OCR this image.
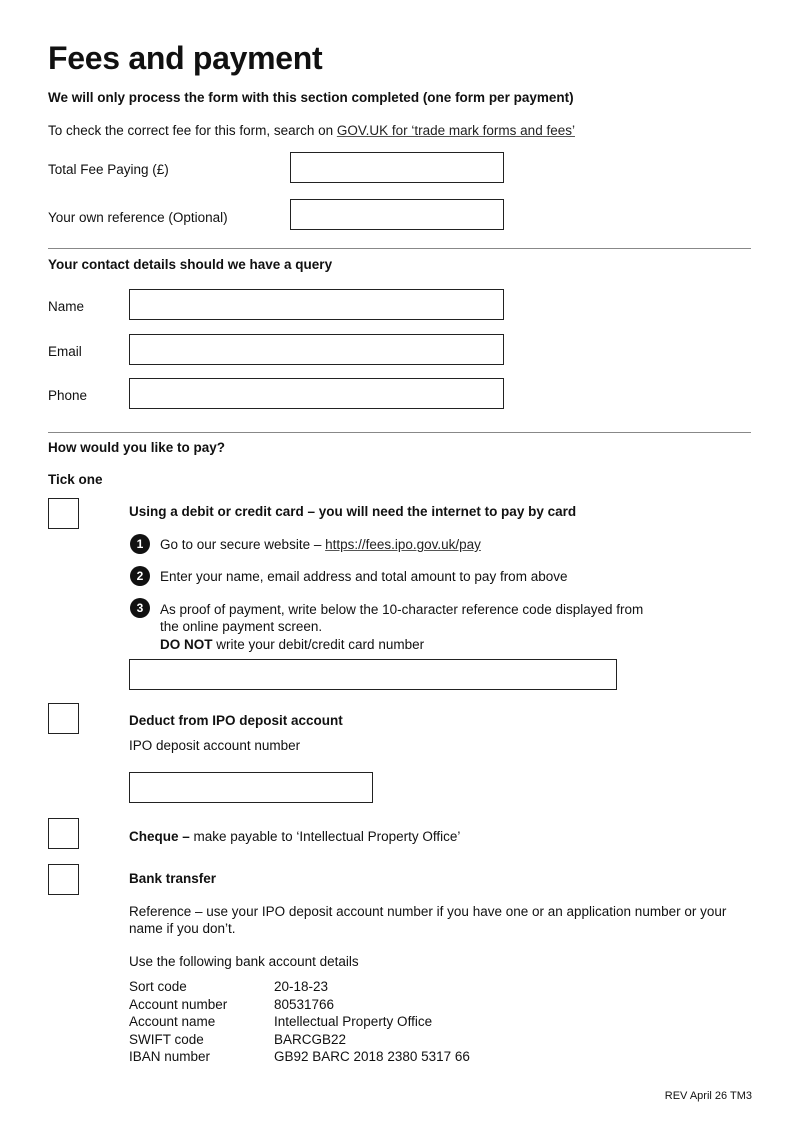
Fees and payment
We will only process the form with this section completed (one form per payment)
To check the correct fee for this form, search on GOV.UK for ‘trade mark forms and fees’
Total Fee Paying (£)
Your own reference (Optional)
Your contact details should we have a query
Name
Email
Phone
How would you like to pay?
Tick one
Using a debit or credit card – you will need the internet to pay by card
1	Go to our secure website – https://fees.ipo.gov.uk/pay
2	Enter your name, email address and total amount to pay from above
3	As proof of payment, write below the 10-character reference code displayed from
the online payment screen.
DO NOT write your debit/credit card number
Deduct from IPO deposit account
IPO deposit account number
Cheque – make payable to ‘Intellectual Property Office’
Bank transfer
Reference – use your IPO deposit account number if you have one or an application number or your
name if you don’t.
Use the following bank account details
Sort code	20-18-23
Account number	80531766
Account name	Intellectual Property Office
SWIFT code	BARCGB22
IBAN number	GB92 BARC 2018 2380 5317 66
REV April 26 TM3
